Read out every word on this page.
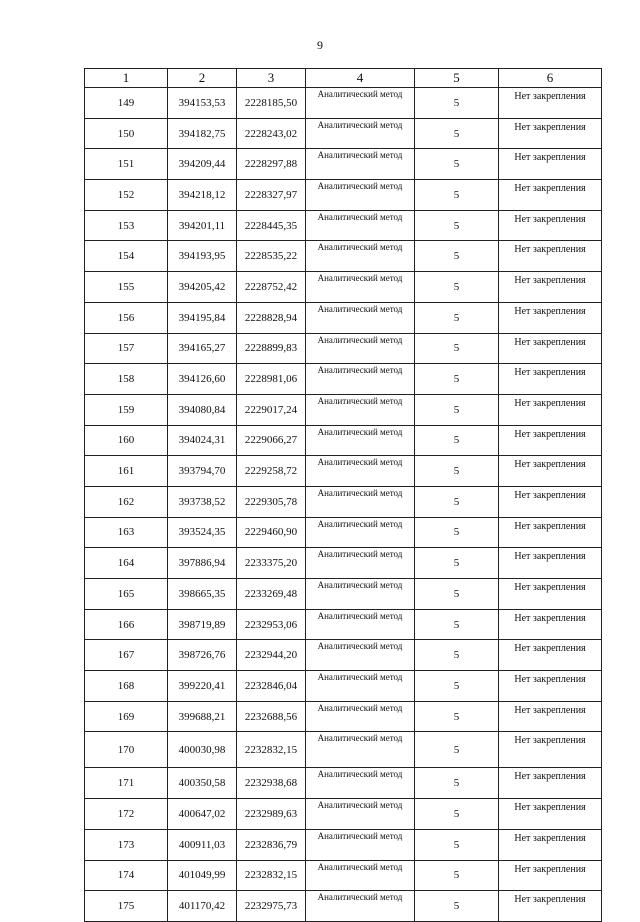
9
1	2	3	4	5	6
149	394153,53	2228185,50	Аналитический метод	5	Нет закрепления
150	394182,75	2228243,02	Аналитический метод	5	Нет закрепления
151	394209,44	2228297,88	Аналитический метод	5	Нет закрепления
152	394218,12	2228327,97	Аналитический метод	5	Нет закрепления
153	394201,11	2228445,35	Аналитический метод	5	Нет закрепления
154	394193,95	2228535,22	Аналитический метод	5	Нет закрепления
155	394205,42	2228752,42	Аналитический метод	5	Нет закрепления
156	394195,84	2228828,94	Аналитический метод	5	Нет закрепления
157	394165,27	2228899,83	Аналитический метод	5	Нет закрепления
158	394126,60	2228981,06	Аналитический метод	5	Нет закрепления
159	394080,84	2229017,24	Аналитический метод	5	Нет закрепления
160	394024,31	2229066,27	Аналитический метод	5	Нет закрепления
161	393794,70	2229258,72	Аналитический метод	5	Нет закрепления
162	393738,52	2229305,78	Аналитический метод	5	Нет закрепления
163	393524,35	2229460,90	Аналитический метод	5	Нет закрепления
164	397886,94	2233375,20	Аналитический метод	5	Нет закрепления
165	398665,35	2233269,48	Аналитический метод	5	Нет закрепления
166	398719,89	2232953,06	Аналитический метод	5	Нет закрепления
167	398726,76	2232944,20	Аналитический метод	5	Нет закрепления
168	399220,41	2232846,04	Аналитический метод	5	Нет закрепления
169	399688,21	2232688,56	Аналитический метод	5	Нет закрепления
170	400030,98	2232832,15	Аналитический метод	5	Нет закрепления
171	400350,58	2232938,68	Аналитический метод	5	Нет закрепления
172	400647,02	2232989,63	Аналитический метод	5	Нет закрепления
173	400911,03	2232836,79	Аналитический метод	5	Нет закрепления
174	401049,99	2232832,15	Аналитический метод	5	Нет закрепления
175	401170,42	2232975,73	Аналитический метод	5	Нет закрепления
